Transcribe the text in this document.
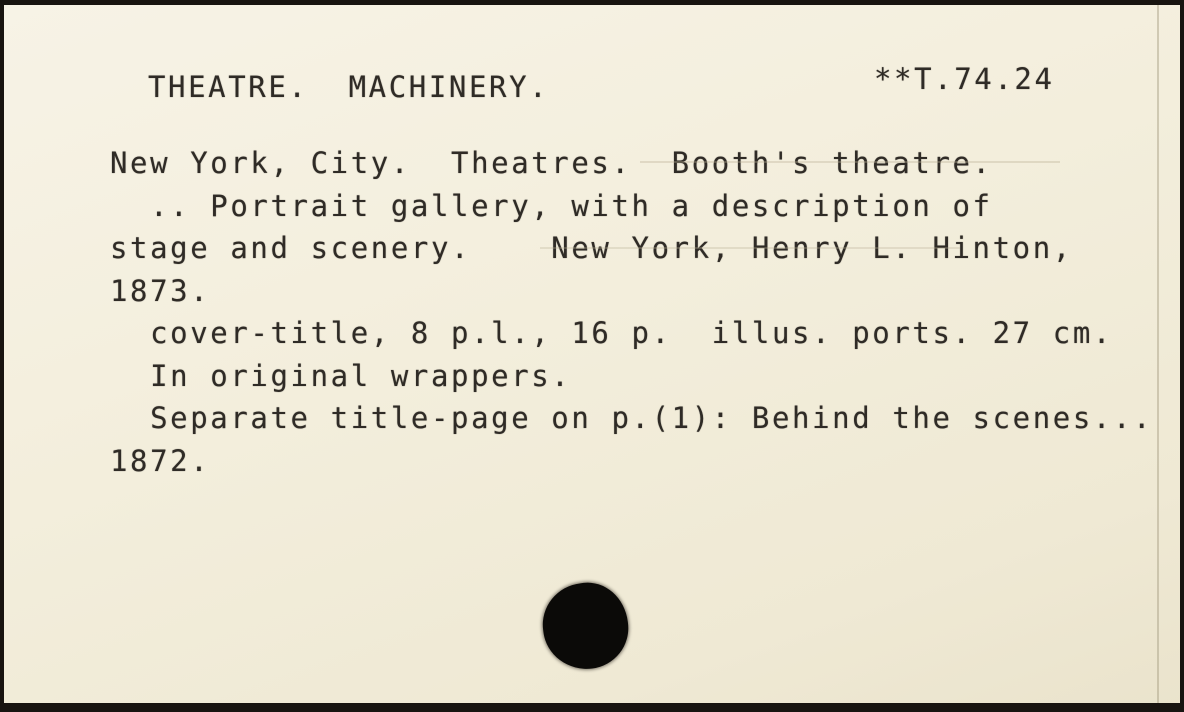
THEATRE.  MACHINERY.	**T.74.24
New York, City.  Theatres.  Booth's theatre.
.. Portrait gallery, with a description of
stage and scenery.    New York, Henry L. Hinton,
1873.
cover-title, 8 p.l., 16 p.  illus. ports. 27 cm.
In original wrappers.
Separate title-page on p.(1): Behind the scenes...
1872.
